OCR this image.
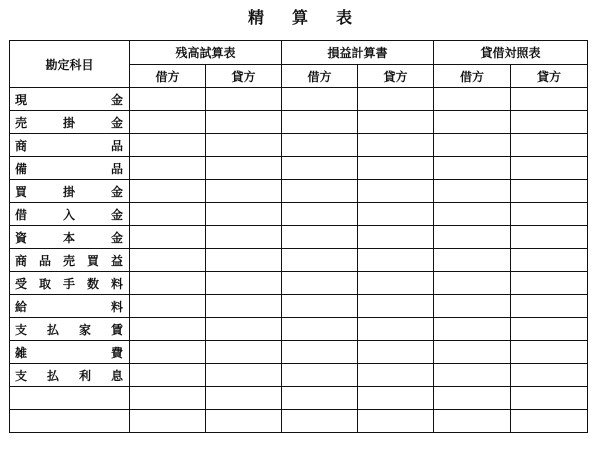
精算表
勘定科目	残高試算表		損益計算書		貸借対照表	
	借方	貸方	借方	貸方	借方	貸方

現 金						

売 掛 金						

商 品						

備 品						

買 掛 金						

借 入 金						

資 本 金						

商 品 売 買 益						

受 取 手 数 料						

給 料						

支 払 家 賃						

雑 費						

支 払 利 息						
